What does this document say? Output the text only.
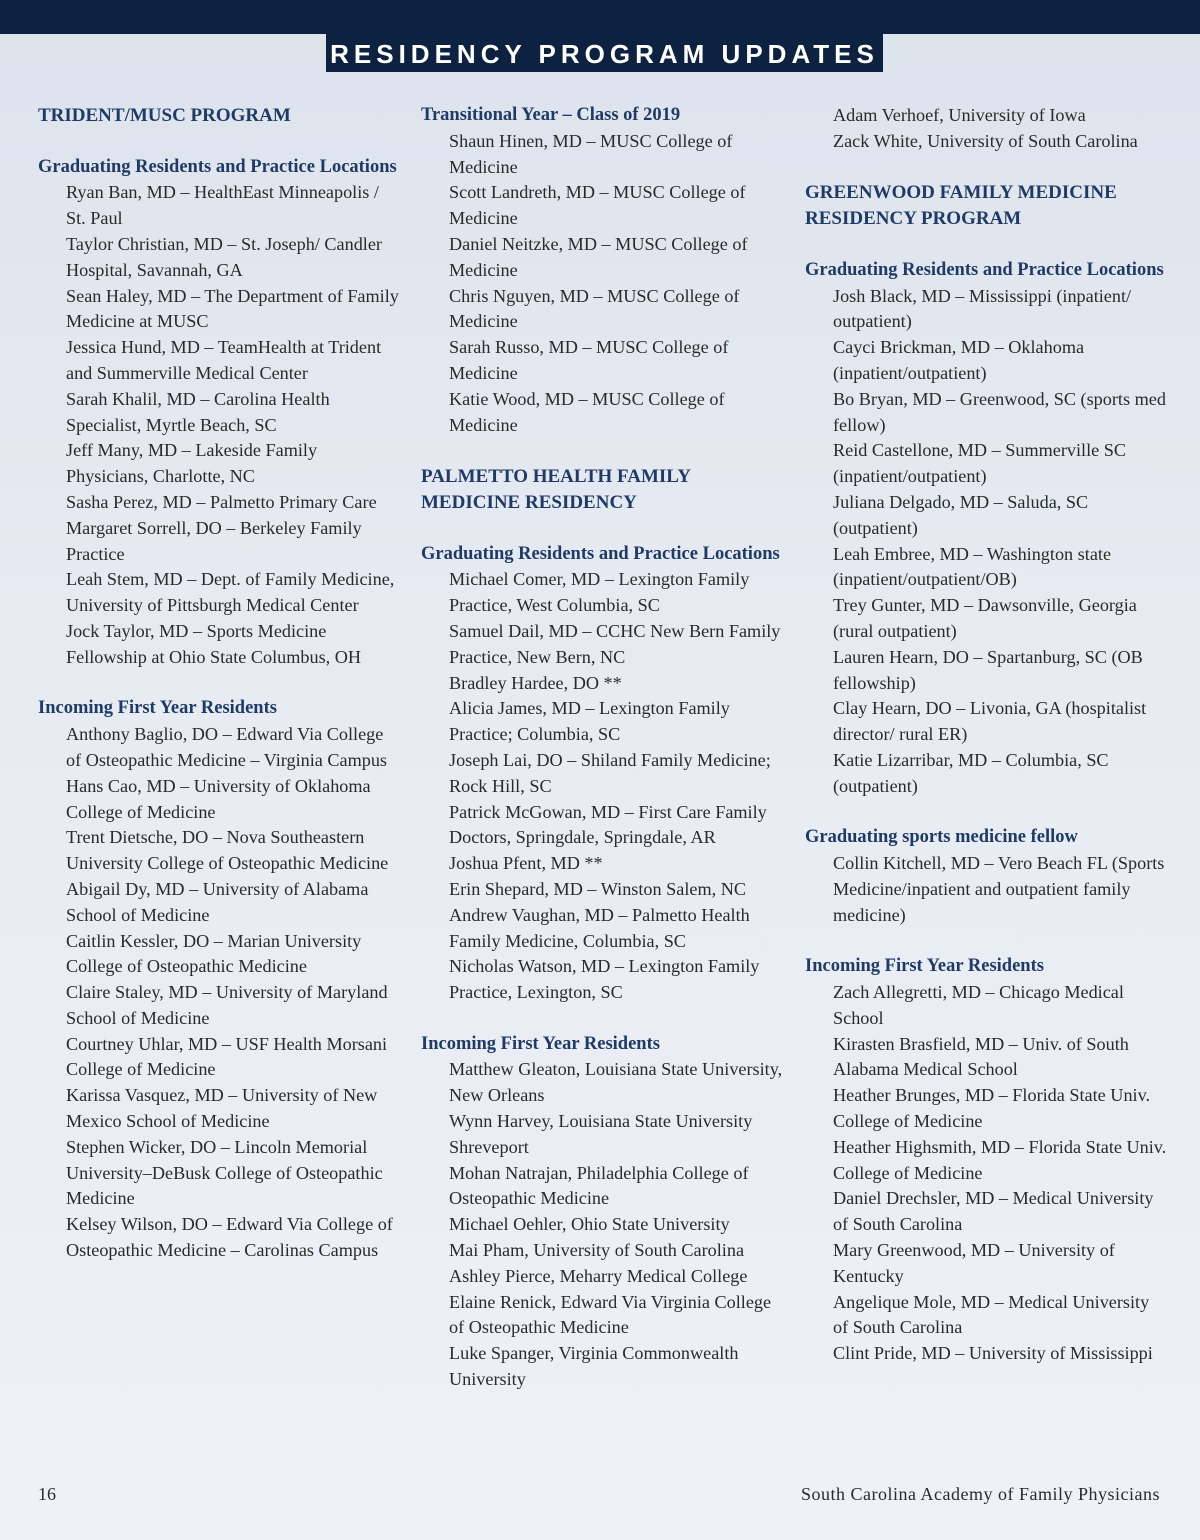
RESIDENCY PROGRAM UPDATES

TRIDENT/MUSC PROGRAM

Graduating Residents and Practice Locations

Ryan Ban, MD – HealthEast Minneapolis / St. Paul

Taylor Christian, MD – St. Joseph/ Candler Hospital, Savannah, GA

Sean Haley, MD – The Department of Family Medicine at MUSC

Jessica Hund, MD – TeamHealth at Trident and Summerville Medical Center

Sarah Khalil, MD – Carolina Health Specialist, Myrtle Beach, SC

Jeff Many, MD – Lakeside Family Physicians, Charlotte, NC

Sasha Perez, MD – Palmetto Primary Care

Margaret Sorrell, DO – Berkeley Family Practice

Leah Stem, MD – Dept. of Family Medicine, University of Pittsburgh Medical Center

Jock Taylor, MD – Sports Medicine Fellowship at Ohio State Columbus, OH

Incoming First Year Residents

Anthony Baglio, DO – Edward Via College of Osteopathic Medicine – Virginia Campus

Hans Cao, MD – University of Oklahoma College of Medicine

Trent Dietsche, DO – Nova Southeastern University College of Osteopathic Medicine

Abigail Dy, MD – University of Alabama School of Medicine

Caitlin Kessler, DO – Marian University College of Osteopathic Medicine

Claire Staley, MD – University of Maryland School of Medicine

Courtney Uhlar, MD – USF Health Morsani College of Medicine

Karissa Vasquez, MD – University of New Mexico School of Medicine

Stephen Wicker, DO – Lincoln Memorial University–DeBusk College of Osteopathic Medicine

Kelsey Wilson, DO – Edward Via College of Osteopathic Medicine – Carolinas Campus

Transitional Year – Class of 2019

Shaun Hinen, MD – MUSC College of Medicine

Scott Landreth, MD – MUSC College of Medicine

Daniel Neitzke, MD – MUSC College of Medicine

Chris Nguyen, MD – MUSC College of Medicine

Sarah Russo, MD – MUSC College of Medicine

Katie Wood, MD – MUSC College of Medicine

PALMETTO HEALTH FAMILY MEDICINE RESIDENCY

Graduating Residents and Practice Locations

Michael Comer, MD – Lexington Family Practice, West Columbia, SC

Samuel Dail, MD – CCHC New Bern Family Practice, New Bern, NC

Bradley Hardee, DO **

Alicia James, MD – Lexington Family Practice; Columbia, SC

Joseph Lai, DO – Shiland Family Medicine; Rock Hill, SC

Patrick McGowan, MD – First Care Family Doctors, Springdale, Springdale, AR

Joshua Pfent, MD **

Erin Shepard, MD – Winston Salem, NC

Andrew Vaughan, MD – Palmetto Health Family Medicine, Columbia, SC

Nicholas Watson, MD – Lexington Family Practice, Lexington, SC

Incoming First Year Residents

Matthew Gleaton, Louisiana State University, New Orleans

Wynn Harvey, Louisiana State University Shreveport

Mohan Natrajan, Philadelphia College of Osteopathic Medicine

Michael Oehler, Ohio State University

Mai Pham, University of South Carolina

Ashley Pierce, Meharry Medical College

Elaine Renick, Edward Via Virginia College of Osteopathic Medicine

Luke Spanger, Virginia Commonwealth University

Adam Verhoef, University of Iowa

Zack White, University of South Carolina

GREENWOOD FAMILY MEDICINE RESIDENCY PROGRAM

Graduating Residents and Practice Locations

Josh Black, MD – Mississippi (inpatient/ outpatient)

Cayci Brickman, MD – Oklahoma (inpatient/outpatient)

Bo Bryan, MD – Greenwood, SC (sports med fellow)

Reid Castellone, MD – Summerville SC (inpatient/outpatient)

Juliana Delgado, MD – Saluda, SC (outpatient)

Leah Embree, MD – Washington state (inpatient/outpatient/OB)

Trey Gunter, MD – Dawsonville, Georgia (rural outpatient)

Lauren Hearn, DO – Spartanburg, SC (OB fellowship)

Clay Hearn, DO – Livonia, GA (hospitalist director/ rural ER)

Katie Lizarribar, MD – Columbia, SC (outpatient)

Graduating sports medicine fellow

Collin Kitchell, MD – Vero Beach FL (Sports Medicine/inpatient and outpatient family medicine)

Incoming First Year Residents

Zach Allegretti, MD – Chicago Medical School

Kirasten Brasfield, MD – Univ. of South Alabama Medical School

Heather Brunges, MD – Florida State Univ. College of Medicine

Heather Highsmith, MD – Florida State Univ. College of Medicine

Daniel Drechsler, MD – Medical University of South Carolina

Mary Greenwood, MD – University of Kentucky

Angelique Mole, MD – Medical University of South Carolina

Clint Pride, MD – University of Mississippi

16	South Carolina Academy of Family Physicians
